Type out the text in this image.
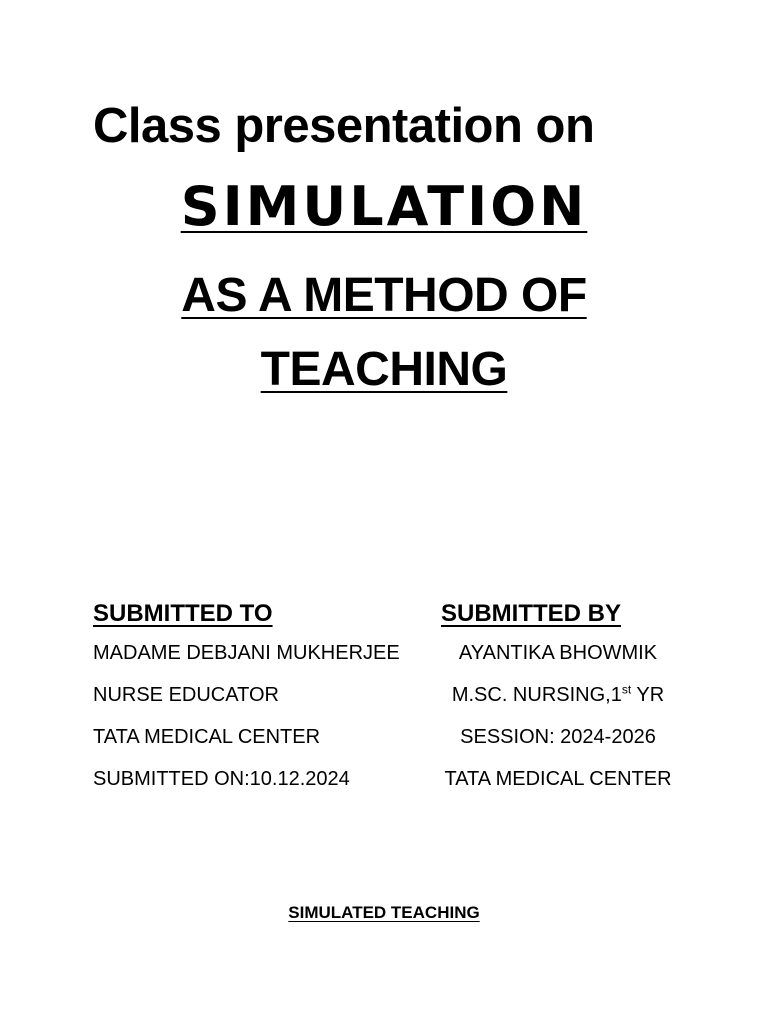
Class presentation on
SIMULATION
AS A METHOD OF
TEACHING
SUBMITTED TO
MADAME DEBJANI MUKHERJEE
NURSE EDUCATOR
TATA MEDICAL CENTER
SUBMITTED ON:10.12.2024
SUBMITTED BY
AYANTIKA BHOWMIK
M.SC. NURSING,1st YR
SESSION: 2024-2026
TATA MEDICAL CENTER
SIMULATED TEACHING
